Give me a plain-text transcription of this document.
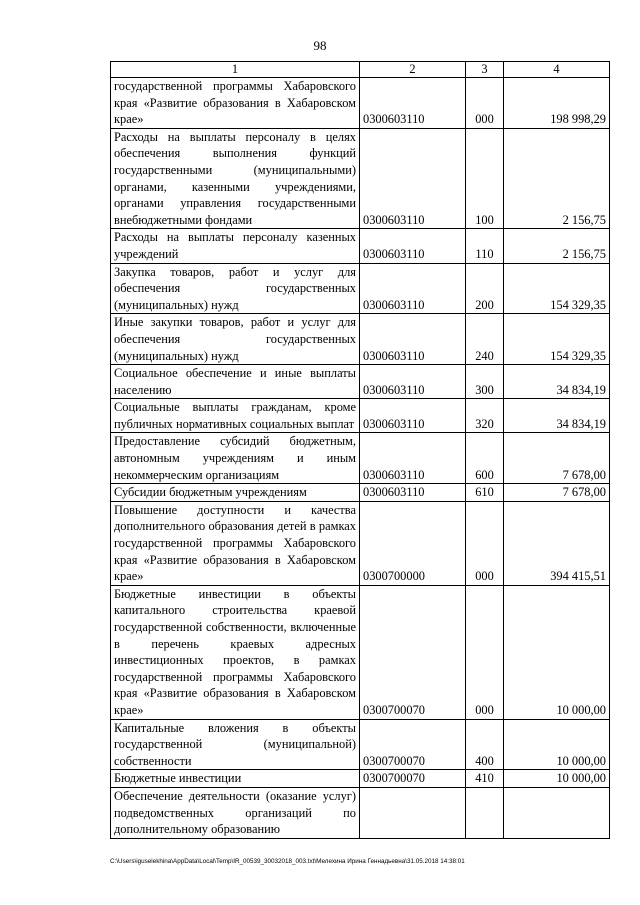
98
1	2	3	4
государственной программы Хабаровского края «Развитие образования в Хабаровском крае»	0300603110	000	198 998,29
Расходы на выплаты персоналу в целях обеспечения выполнения функций государственными (муниципальными) органами, казенными учреждениями, органами управления государственными внебюджетными фондами	0300603110	100	2 156,75
Расходы на выплаты персоналу казенных учреждений	0300603110	110	2 156,75
Закупка товаров, работ и услуг для обеспечения государственных (муниципальных) нужд	0300603110	200	154 329,35
Иные закупки товаров, работ и услуг для обеспечения государственных (муниципальных) нужд	0300603110	240	154 329,35
Социальное обеспечение и иные выплаты населению	0300603110	300	34 834,19
Социальные выплаты гражданам, кроме публичных нормативных социальных выплат	0300603110	320	34 834,19
Предоставление субсидий бюджетным, автономным учреждениям и иным некоммерческим организациям	0300603110	600	7 678,00
Субсидии бюджетным учреждениям	0300603110	610	7 678,00
Повышение доступности и качества дополнительного образования детей в рамках государственной программы Хабаровского края «Развитие образования в Хабаровском крае»	0300700000	000	394 415,51
Бюджетные инвестиции в объекты капитального строительства краевой государственной собственности, включенные в перечень краевых адресных инвестиционных проектов, в рамках государственной программы Хабаровского края «Развитие образования в Хабаровском крае»	0300700070	000	10 000,00
Капитальные вложения в объекты государственной (муниципальной) собственности	0300700070	400	10 000,00
Бюджетные инвестиции	0300700070	410	10 000,00
Обеспечение деятельности (оказание услуг) подведомственных организаций по дополнительному образованию			
C:\Users\iguselekhina\AppData\Local\Temp\IR_00539_30032018_003.txt\Мелехина Ирина Геннадьевна\31.05.2018 14:38:01
